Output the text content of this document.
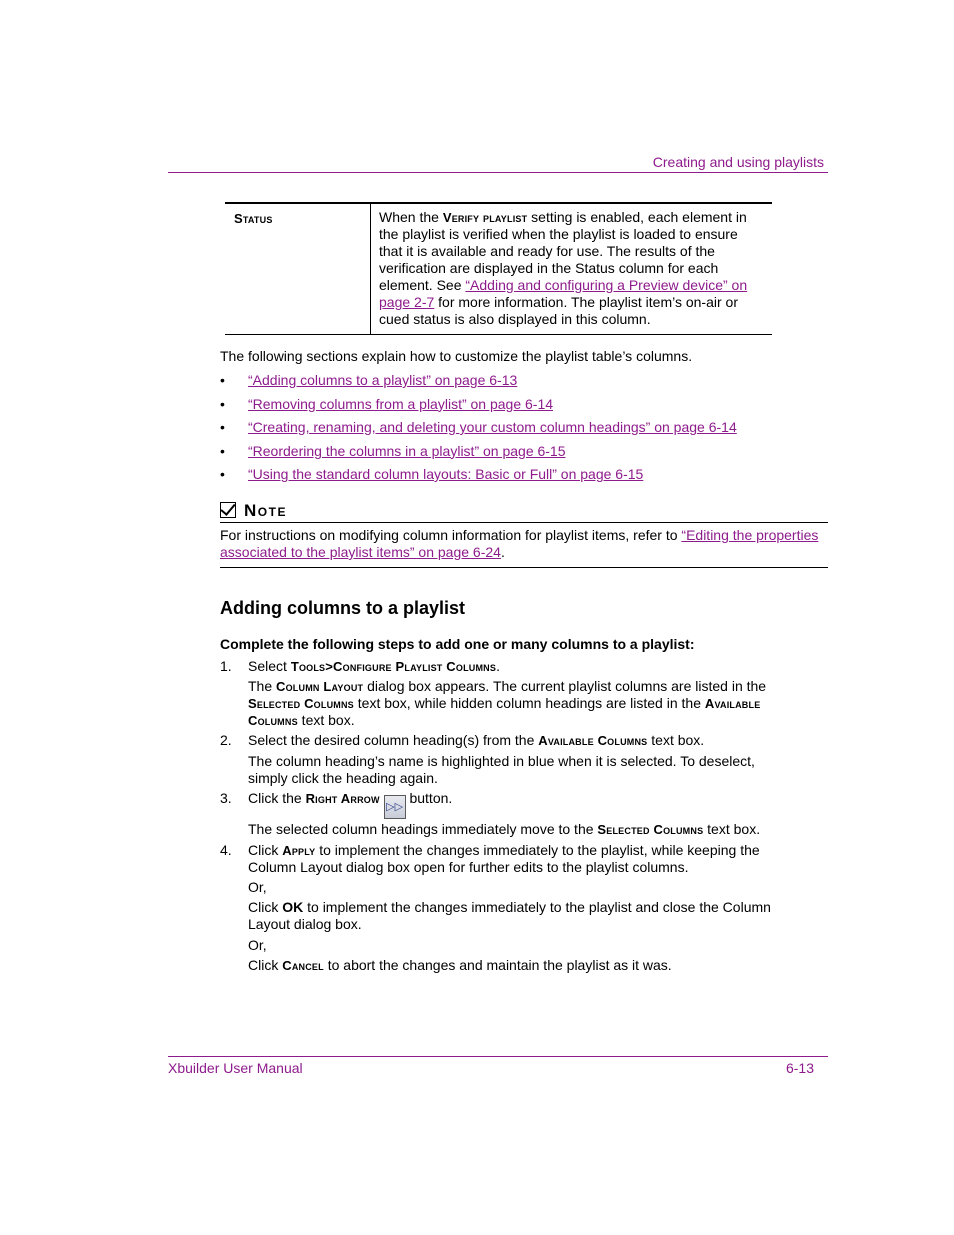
Creating and using playlists
Status	When the Verify playlist setting is enabled, each element in the playlist is verified when the playlist is loaded to ensure that it is available and ready for use. The results of the verification are displayed in the Status column for each element. See “Adding and configuring a Preview device” on page 2-7 for more information. The playlist item’s on-air or cued status is also displayed in this column.
The following sections explain how to customize the playlist table’s columns.
• “Adding columns to a playlist” on page 6-13
• “Removing columns from a playlist” on page 6-14
• “Creating, renaming, and deleting your custom column headings” on page 6-14
• “Reordering the columns in a playlist” on page 6-15
• “Using the standard column layouts: Basic or Full” on page 6-15
Note
For instructions on modifying column information for playlist items, refer to “Editing the properties associated to the playlist items” on page 6-24.
Adding columns to a playlist
Complete the following steps to add one or many columns to a playlist:
1. Select Tools>Configure Playlist Columns.
The Column Layout dialog box appears. The current playlist columns are listed in the Selected Columns text box, while hidden column headings are listed in the Available Columns text box.
2. Select the desired column heading(s) from the Available Columns text box.
The column heading’s name is highlighted in blue when it is selected. To deselect, simply click the heading again.
3. Click the Right Arrow ▷▷ button.
The selected column headings immediately move to the Selected Columns text box.
4. Click Apply to implement the changes immediately to the playlist, while keeping the Column Layout dialog box open for further edits to the playlist columns.
Or,
Click OK to implement the changes immediately to the playlist and close the Column Layout dialog box.
Or,
Click Cancel to abort the changes and maintain the playlist as it was.
Xbuilder User Manual	6-13
